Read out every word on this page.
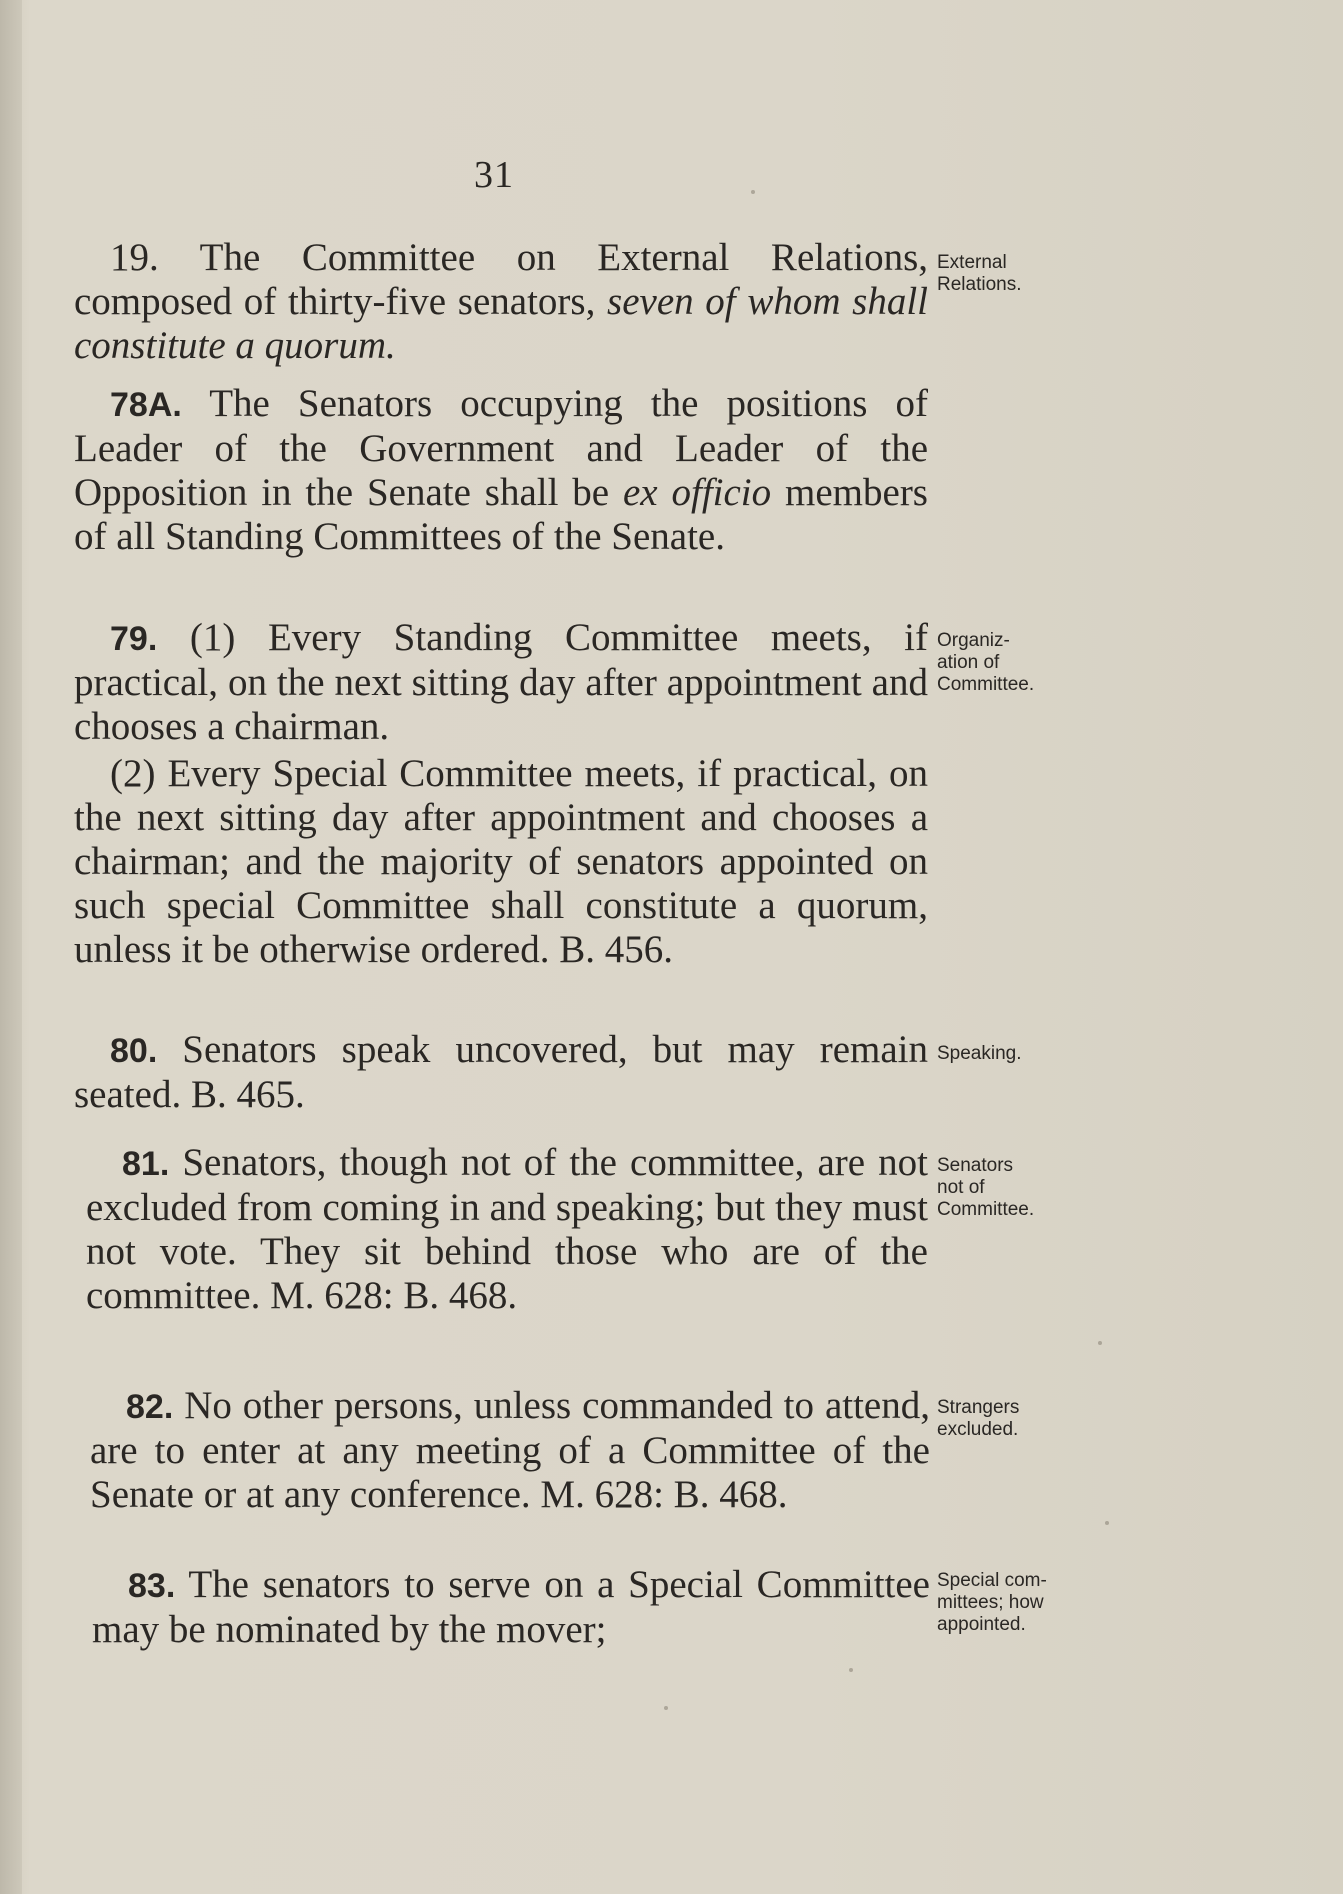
31

19. The Committee on External Relations, composed of thirty-five senators, seven of whom shall constitute a quorum.

78A. The Senators occupying the positions of Leader of the Government and Leader of the Opposition in the Senate shall be ex officio members of all Standing Committees of the Senate.

79. (1) Every Standing Committee meets, if practical, on the next sitting day after appointment and chooses a chairman.

(2) Every Special Committee meets, if practical, on the next sitting day after appointment and chooses a chairman; and the majority of senators appointed on such special Committee shall constitute a quorum, unless it be otherwise ordered. B. 456.

80. Senators speak uncovered, but may remain seated. B. 465.

81. Senators, though not of the committee, are not excluded from coming in and speaking; but they must not vote. They sit behind those who are of the committee. M. 628: B. 468.

82. No other persons, unless commanded to attend, are to enter at any meeting of a Committee of the Senate or at any conference. M. 628: B. 468.

83. The senators to serve on a Special Committee may be nominated by the mover;

External
Relations.
Organiz-
ation of
Committee.
Speaking.
Senators
not of
Committee.
Strangers
excluded.
Special com-
mittees; how
appointed.
